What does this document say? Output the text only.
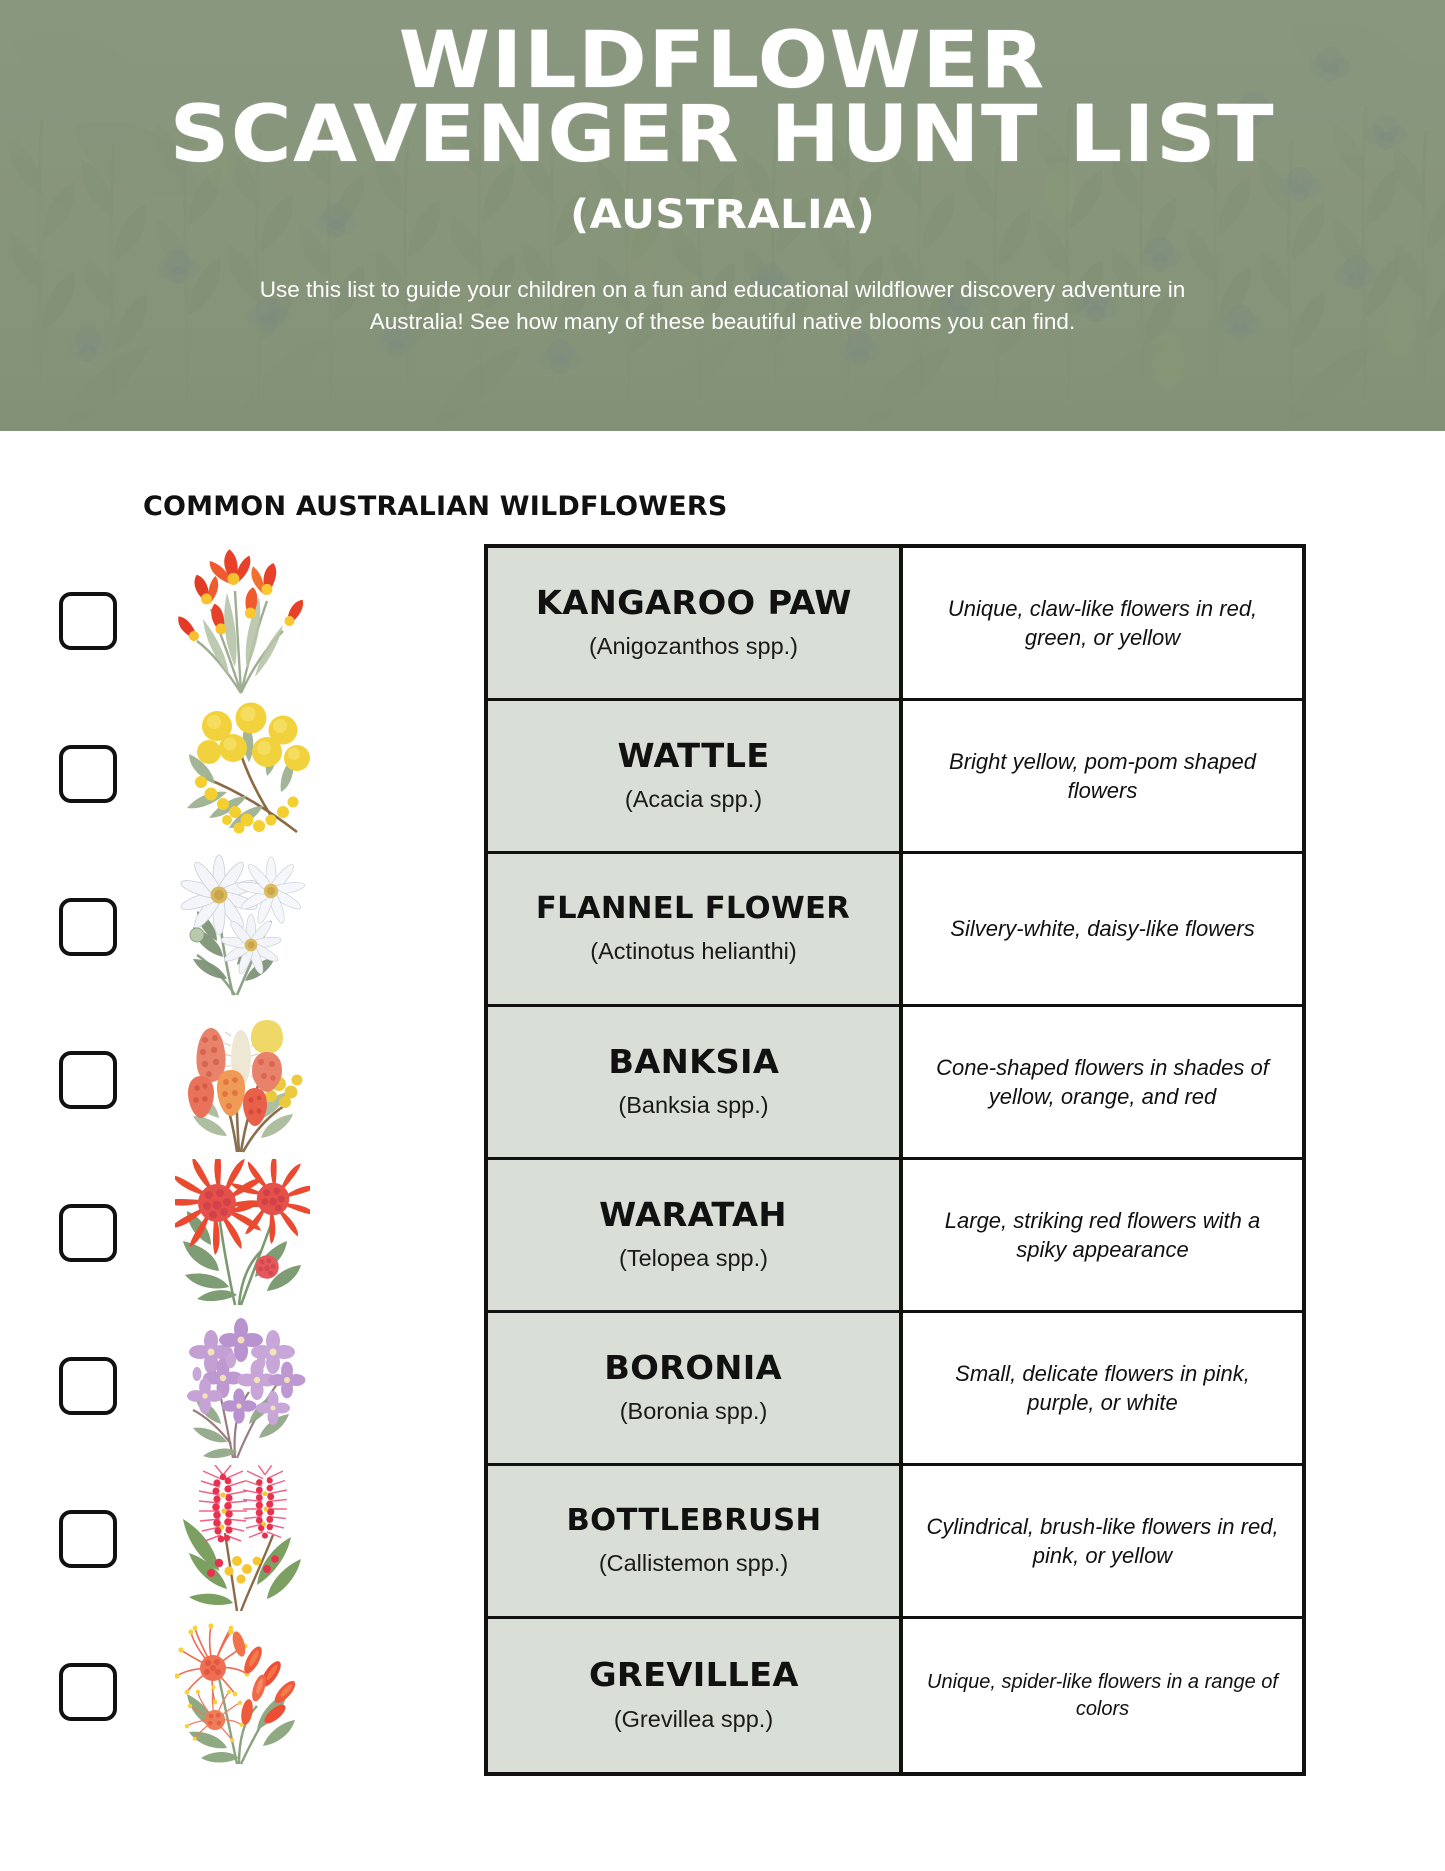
WILDFLOWER
SCAVENGER HUNT LIST
(AUSTRALIA)
Use this list to guide your children on a fun and educational wildflower discovery adventure in Australia! See how many of these beautiful native blooms you can find.
COMMON AUSTRALIAN WILDFLOWERS
KANGAROO PAW
(Anigozanthos spp.)
Unique, claw-like flowers in red, green, or yellow
WATTLE
(Acacia spp.)
Bright yellow, pom-pom shaped flowers
FLANNEL FLOWER
(Actinotus helianthi)
Silvery-white, daisy-like flowers
BANKSIA
(Banksia spp.)
Cone-shaped flowers in shades of yellow, orange, and red
WARATAH
(Telopea spp.)
Large, striking red flowers with a spiky appearance
BORONIA
(Boronia spp.)
Small, delicate flowers in pink, purple, or white
BOTTLEBRUSH
(Callistemon spp.)
Cylindrical, brush-like flowers in red, pink, or yellow
GREVILLEA
(Grevillea spp.)
Unique, spider-like flowers in a range of colors
